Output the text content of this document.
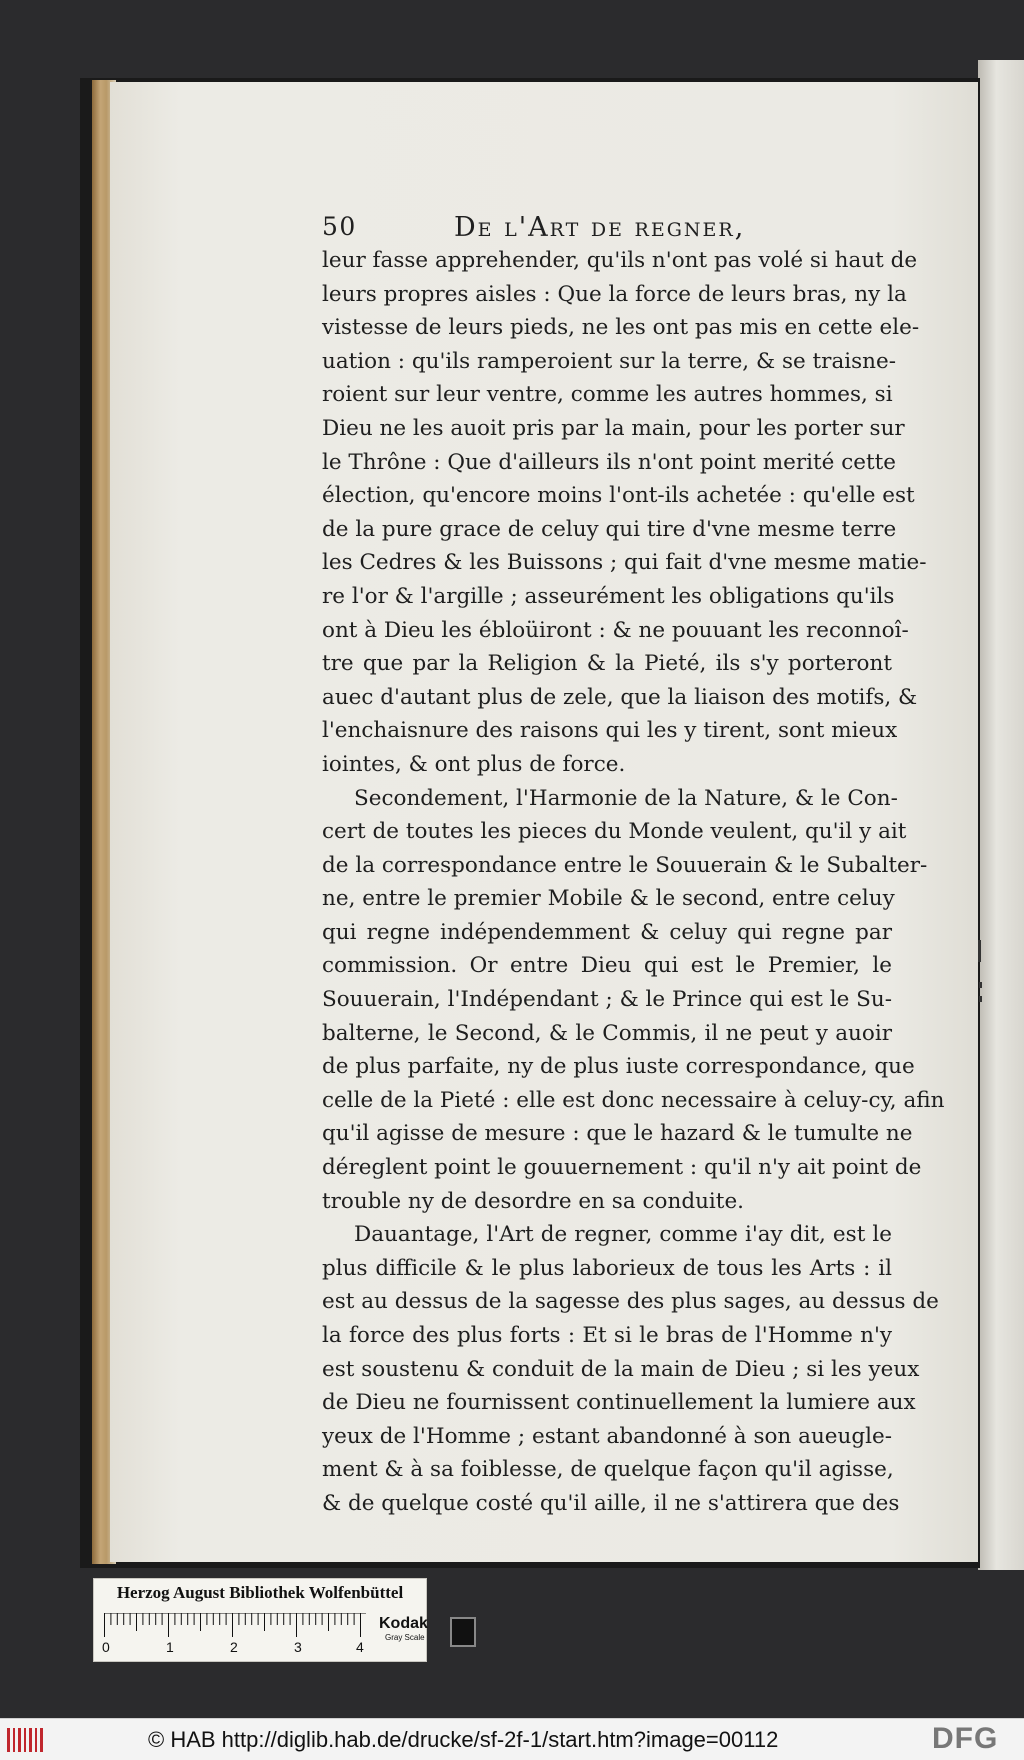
50	De l'Art de regner,
leur fasse apprehender, qu'ils n'ont pas volé si haut de
leurs propres aisles : Que la force de leurs bras, ny la
vistesse de leurs pieds, ne les ont pas mis en cette ele-
uation : qu'ils ramperoient sur la terre, & se traisne-
roient sur leur ventre, comme les autres hommes, si
Dieu ne les auoit pris par la main, pour les porter sur
le Thrône : Que d'ailleurs ils n'ont point merité cette
élection, qu'encore moins l'ont-ils achetée : qu'elle est
de la pure grace de celuy qui tire d'vne mesme terre
les Cedres & les Buissons ; qui fait d'vne mesme matie-
re l'or & l'argille ; asseurément les obligations qu'ils
ont à Dieu les ébloüiront : & ne pouuant les reconnoî-
tre que par la Religion & la Pieté, ils s'y porteront
auec d'autant plus de zele, que la liaison des motifs, &
l'enchaisnure des raisons qui les y tirent, sont mieux
iointes, & ont plus de force.
Secondement, l'Harmonie de la Nature, & le Con-
cert de toutes les pieces du Monde veulent, qu'il y ait
de la correspondance entre le Souuerain & le Subalter-
ne, entre le premier Mobile & le second, entre celuy
qui regne indépendemment & celuy qui regne par
commission. Or entre Dieu qui est le Premier, le
Souuerain, l'Indépendant ; & le Prince qui est le Su-
balterne, le Second, & le Commis, il ne peut y auoir
de plus parfaite, ny de plus iuste correspondance, que
celle de la Pieté : elle est donc necessaire à celuy-cy, afin
qu'il agisse de mesure : que le hazard & le tumulte ne
déreglent point le gouuernement : qu'il n'y ait point de
trouble ny de desordre en sa conduite.
Dauantage, l'Art de regner, comme i'ay dit, est le
plus difficile & le plus laborieux de tous les Arts : il
est au dessus de la sagesse des plus sages, au dessus de
la force des plus forts : Et si le bras de l'Homme n'y
est soustenu & conduit de la main de Dieu ; si les yeux
de Dieu ne fournissent continuellement la lumiere aux
yeux de l'Homme ; estant abandonné à son aueugle-
ment & à sa foiblesse, de quelque façon qu'il agisse,
& de quelque costé qu'il aille, il ne s'attirera que des
Herzog August Bibliothek Wolfenbüttel
0	1	2	3	4
Kodak
Gray Scale
© HAB http://diglib.hab.de/drucke/sf-2f-1/start.htm?image=00112	DFG
